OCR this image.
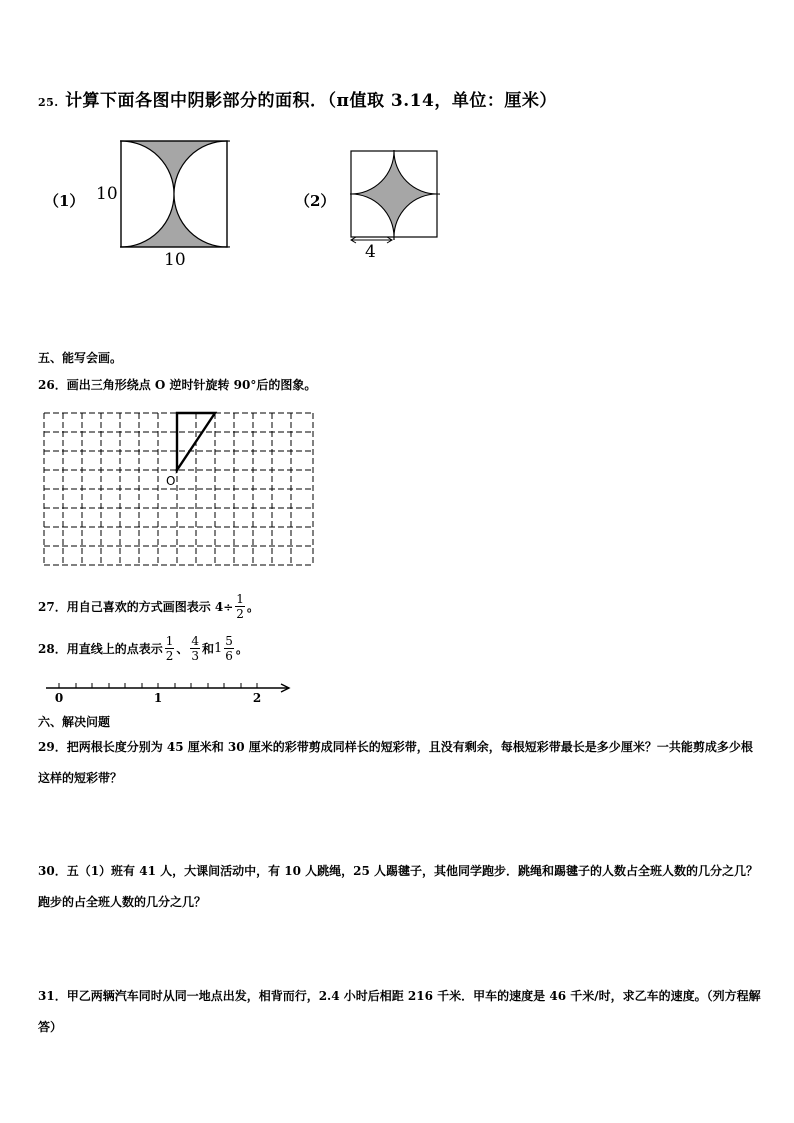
25. 计算下面各图中阴影部分的面积．（π值取 3.14，单位：厘米）
（1） 10
10
（2）
4
五、能写会画。
26．画出三角形绕点 O 逆时针旋转 90°后的图象。
O
27．用自己喜欢的方式画图表示 $4\div \frac{1}{2}$ 。
28．用直线上的点表示 $\frac{1}{2}$ 、 $\frac{4}{3}$ 和$1 \frac{5}{6}$ 。
0	1	2
六、解决问题
29．把两根长度分别为 45 厘米和 30 厘米的彩带剪成同样长的短彩带，且没有剩余，每根短彩带最长是多少厘米？一共能剪成多少根这样的短彩带？
30．五（1）班有 41 人，大课间活动中，有 10 人跳绳，25 人踢毽子，其他同学跑步．跳绳和踢毽子的人数占全班人数的几分之几？跑步的占全班人数的几分之几？
31．甲乙两辆汽车同时从同一地点出发，相背而行，2.4 小时后相距 216 千米．甲车的速度是 46 千米/时，求乙车的速度。（列方程解答）
